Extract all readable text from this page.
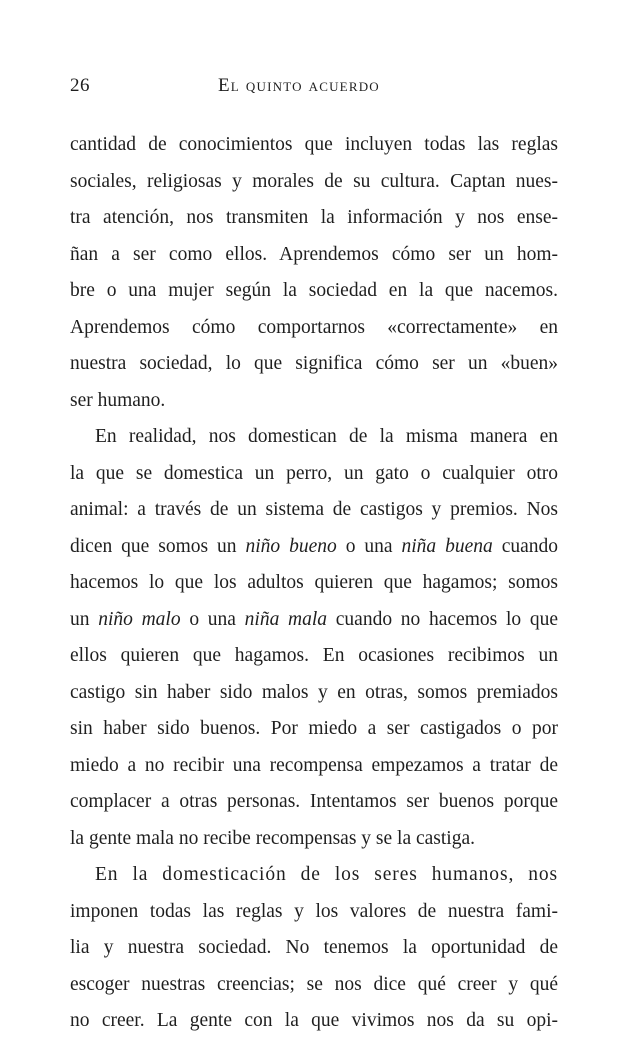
26	El quinto acuerdo
cantidad de conocimientos que incluyen todas las reglas
sociales, religiosas y morales de su cultura. Captan nues-
tra atención, nos transmiten la información y nos ense-
ñan a ser como ellos. Aprendemos cómo ser un hom-
bre o una mujer según la sociedad en la que nacemos.
Aprendemos cómo comportarnos «correctamente» en
nuestra sociedad, lo que significa cómo ser un «buen»
ser humano.
En realidad, nos domestican de la misma manera en
la que se domestica un perro, un gato o cualquier otro
animal: a través de un sistema de castigos y premios. Nos
dicen que somos un niño bueno o una niña buena cuando
hacemos lo que los adultos quieren que hagamos; somos
un niño malo o una niña mala cuando no hacemos lo que
ellos quieren que hagamos. En ocasiones recibimos un
castigo sin haber sido malos y en otras, somos premiados
sin haber sido buenos. Por miedo a ser castigados o por
miedo a no recibir una recompensa empezamos a tratar de
complacer a otras personas. Intentamos ser buenos porque
la gente mala no recibe recompensas y se la castiga.
En la domesticación de los seres humanos, nos
imponen todas las reglas y los valores de nuestra fami-
lia y nuestra sociedad. No tenemos la oportunidad de
escoger nuestras creencias; se nos dice qué creer y qué
no creer. La gente con la que vivimos nos da su opi-
